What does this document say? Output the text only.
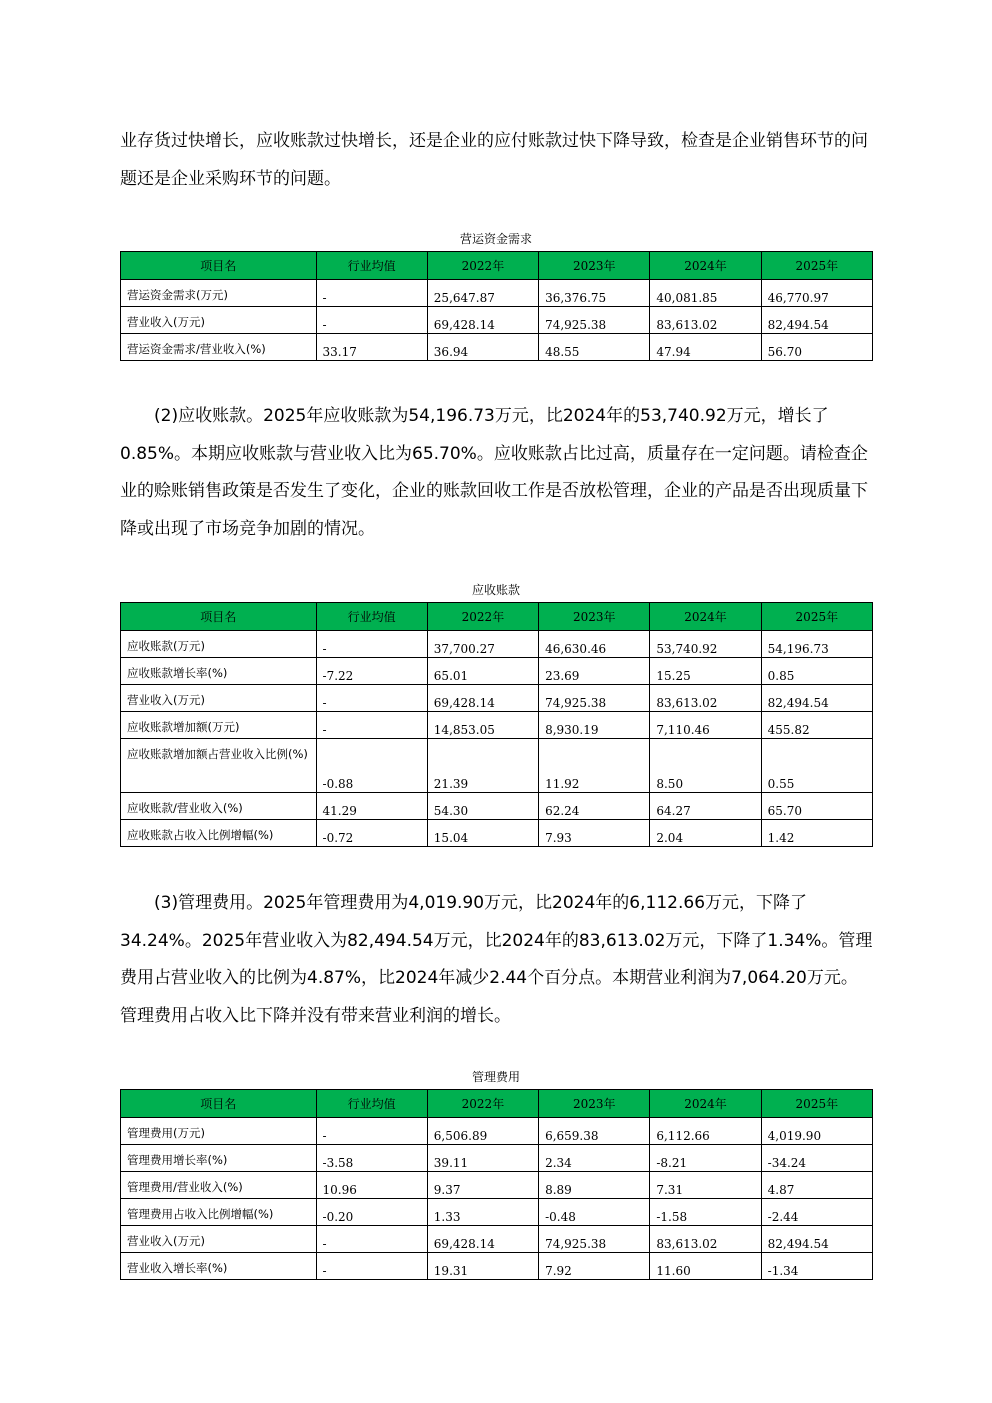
业存货过快增长，应收账款过快增长，还是企业的应付账款过快下降导致，检查是企业销售环节的问题还是企业采购环节的问题。

营运资金需求
项目名	行业均值	2022年	2023年	2024年	2025年
营运资金需求(万元)	-	25,647.87	36,376.75	40,081.85	46,770.97
营业收入(万元)	-	69,428.14	74,925.38	83,613.02	82,494.54
营运资金需求/营业收入(%)	33.17	36.94	48.55	47.94	56.70

(2)应收账款。2025年应收账款为54,196.73万元，比2024年的53,740.92万元，增长了0.85%。本期应收账款与营业收入比为65.70%。应收账款占比过高，质量存在一定问题。请检查企业的赊账销售政策是否发生了变化，企业的账款回收工作是否放松管理，企业的产品是否出现质量下降或出现了市场竞争加剧的情况。

应收账款
项目名	行业均值	2022年	2023年	2024年	2025年
应收账款(万元)	-	37,700.27	46,630.46	53,740.92	54,196.73
应收账款增长率(%)	-7.22	65.01	23.69	15.25	0.85
营业收入(万元)	-	69,428.14	74,925.38	83,613.02	82,494.54
应收账款增加额(万元)	-	14,853.05	8,930.19	7,110.46	455.82
应收账款增加额占营业收入比例(%)	-0.88	21.39	11.92	8.50	0.55
应收账款/营业收入(%)	41.29	54.30	62.24	64.27	65.70
应收账款占收入比例增幅(%)	-0.72	15.04	7.93	2.04	1.42

(3)管理费用。2025年管理费用为4,019.90万元，比2024年的6,112.66万元，下降了34.24%。2025年营业收入为82,494.54万元，比2024年的83,613.02万元，下降了1.34%。管理费用占营业收入的比例为4.87%，比2024年减少2.44个百分点。本期营业利润为7,064.20万元。管理费用占收入比下降并没有带来营业利润的增长。

管理费用
项目名	行业均值	2022年	2023年	2024年	2025年
管理费用(万元)	-	6,506.89	6,659.38	6,112.66	4,019.90
管理费用增长率(%)	-3.58	39.11	2.34	-8.21	-34.24
管理费用/营业收入(%)	10.96	9.37	8.89	7.31	4.87
管理费用占收入比例增幅(%)	-0.20	1.33	-0.48	-1.58	-2.44
营业收入(万元)	-	69,428.14	74,925.38	83,613.02	82,494.54
营业收入增长率(%)	-	19.31	7.92	11.60	-1.34
